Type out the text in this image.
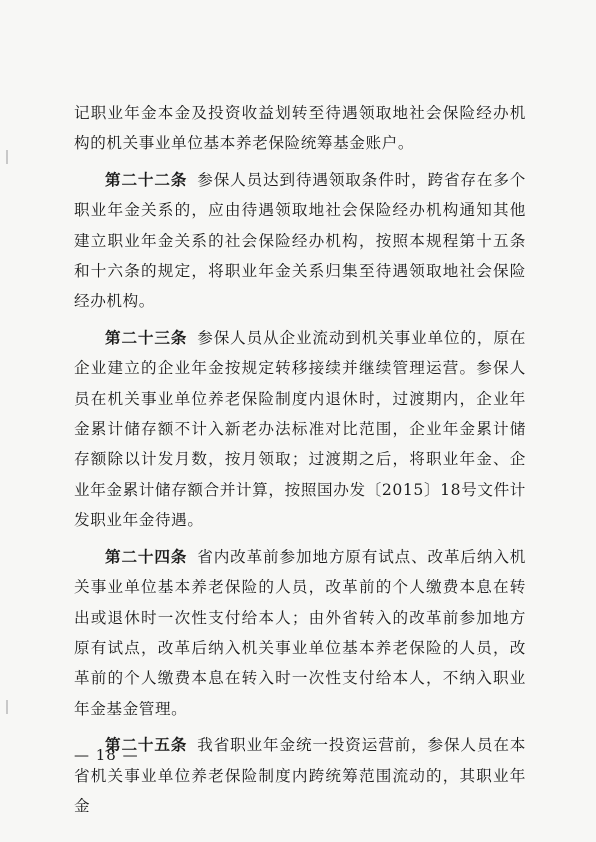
记职业年金本金及投资收益划转至待遇领取地社会保险经办机构的机关事业单位基本养老保险统筹基金账户。

第二十二条 参保人员达到待遇领取条件时，跨省存在多个职业年金关系的，应由待遇领取地社会保险经办机构通知其他建立职业年金关系的社会保险经办机构，按照本规程第十五条和十六条的规定，将职业年金关系归集至待遇领取地社会保险经办机构。

第二十三条 参保人员从企业流动到机关事业单位的，原在企业建立的企业年金按规定转移接续并继续管理运营。参保人员在机关事业单位养老保险制度内退休时，过渡期内，企业年金累计储存额不计入新老办法标准对比范围，企业年金累计储存额除以计发月数，按月领取；过渡期之后，将职业年金、企业年金累计储存额合并计算，按照国办发〔2015〕18号文件计发职业年金待遇。

第二十四条 省内改革前参加地方原有试点、改革后纳入机关事业单位基本养老保险的人员，改革前的个人缴费本息在转出或退休时一次性支付给本人；由外省转入的改革前参加地方原有试点，改革后纳入机关事业单位基本养老保险的人员，改革前的个人缴费本息在转入时一次性支付给本人，不纳入职业年金基金管理。

第二十五条 我省职业年金统一投资运营前，参保人员在本省机关事业单位养老保险制度内跨统筹范围流动的，其职业年金

— 18 —
